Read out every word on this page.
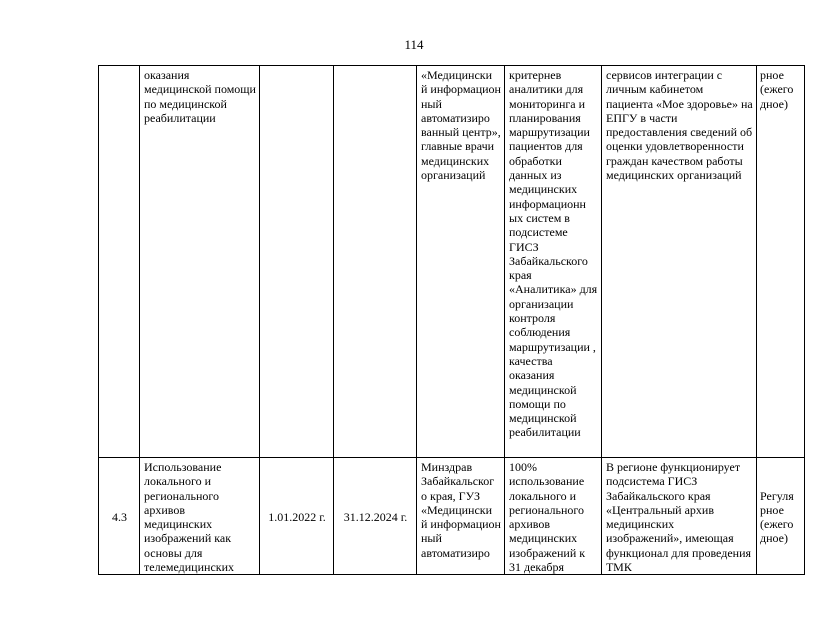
114
	оказания медицинской помощи по медицинской реабилитации			«Медицински й информацион ный автоматизиро ванный центр», главные врачи медицинских организаций	критернев аналитики для мониторинга и планирования маршрутизации пациентов для обработки данных из медицинских информационн ых систем в подсистеме ГИСЗ Забайкальского края «Аналитика» для организации контроля соблюдения маршрутизации , качества оказания медицинской помощи по медицинской реабилитации	сервисов интеграции с личным кабинетом пациента «Мое здоровье» на ЕПГУ в части предоставления сведений об оценки удовлетворенности граждан качеством работы медицинских организаций	рное (ежего дное)
4.3	Использование локального и регионального архивов медицинских изображений как основы для телемедицинских	1.01.2022 г.	31.12.2024 г.	Минздрав Забайкальског о края, ГУЗ «Медицински й информацион ный автоматизиро	100% использование локального и регионального архивов медицинских изображений к 31 декабря	В регионе функционирует подсистема ГИСЗ Забайкальского края «Центральный архив медицинских изображений», имеющая функционал для проведения ТМК	Регуля рное (ежего дное)
